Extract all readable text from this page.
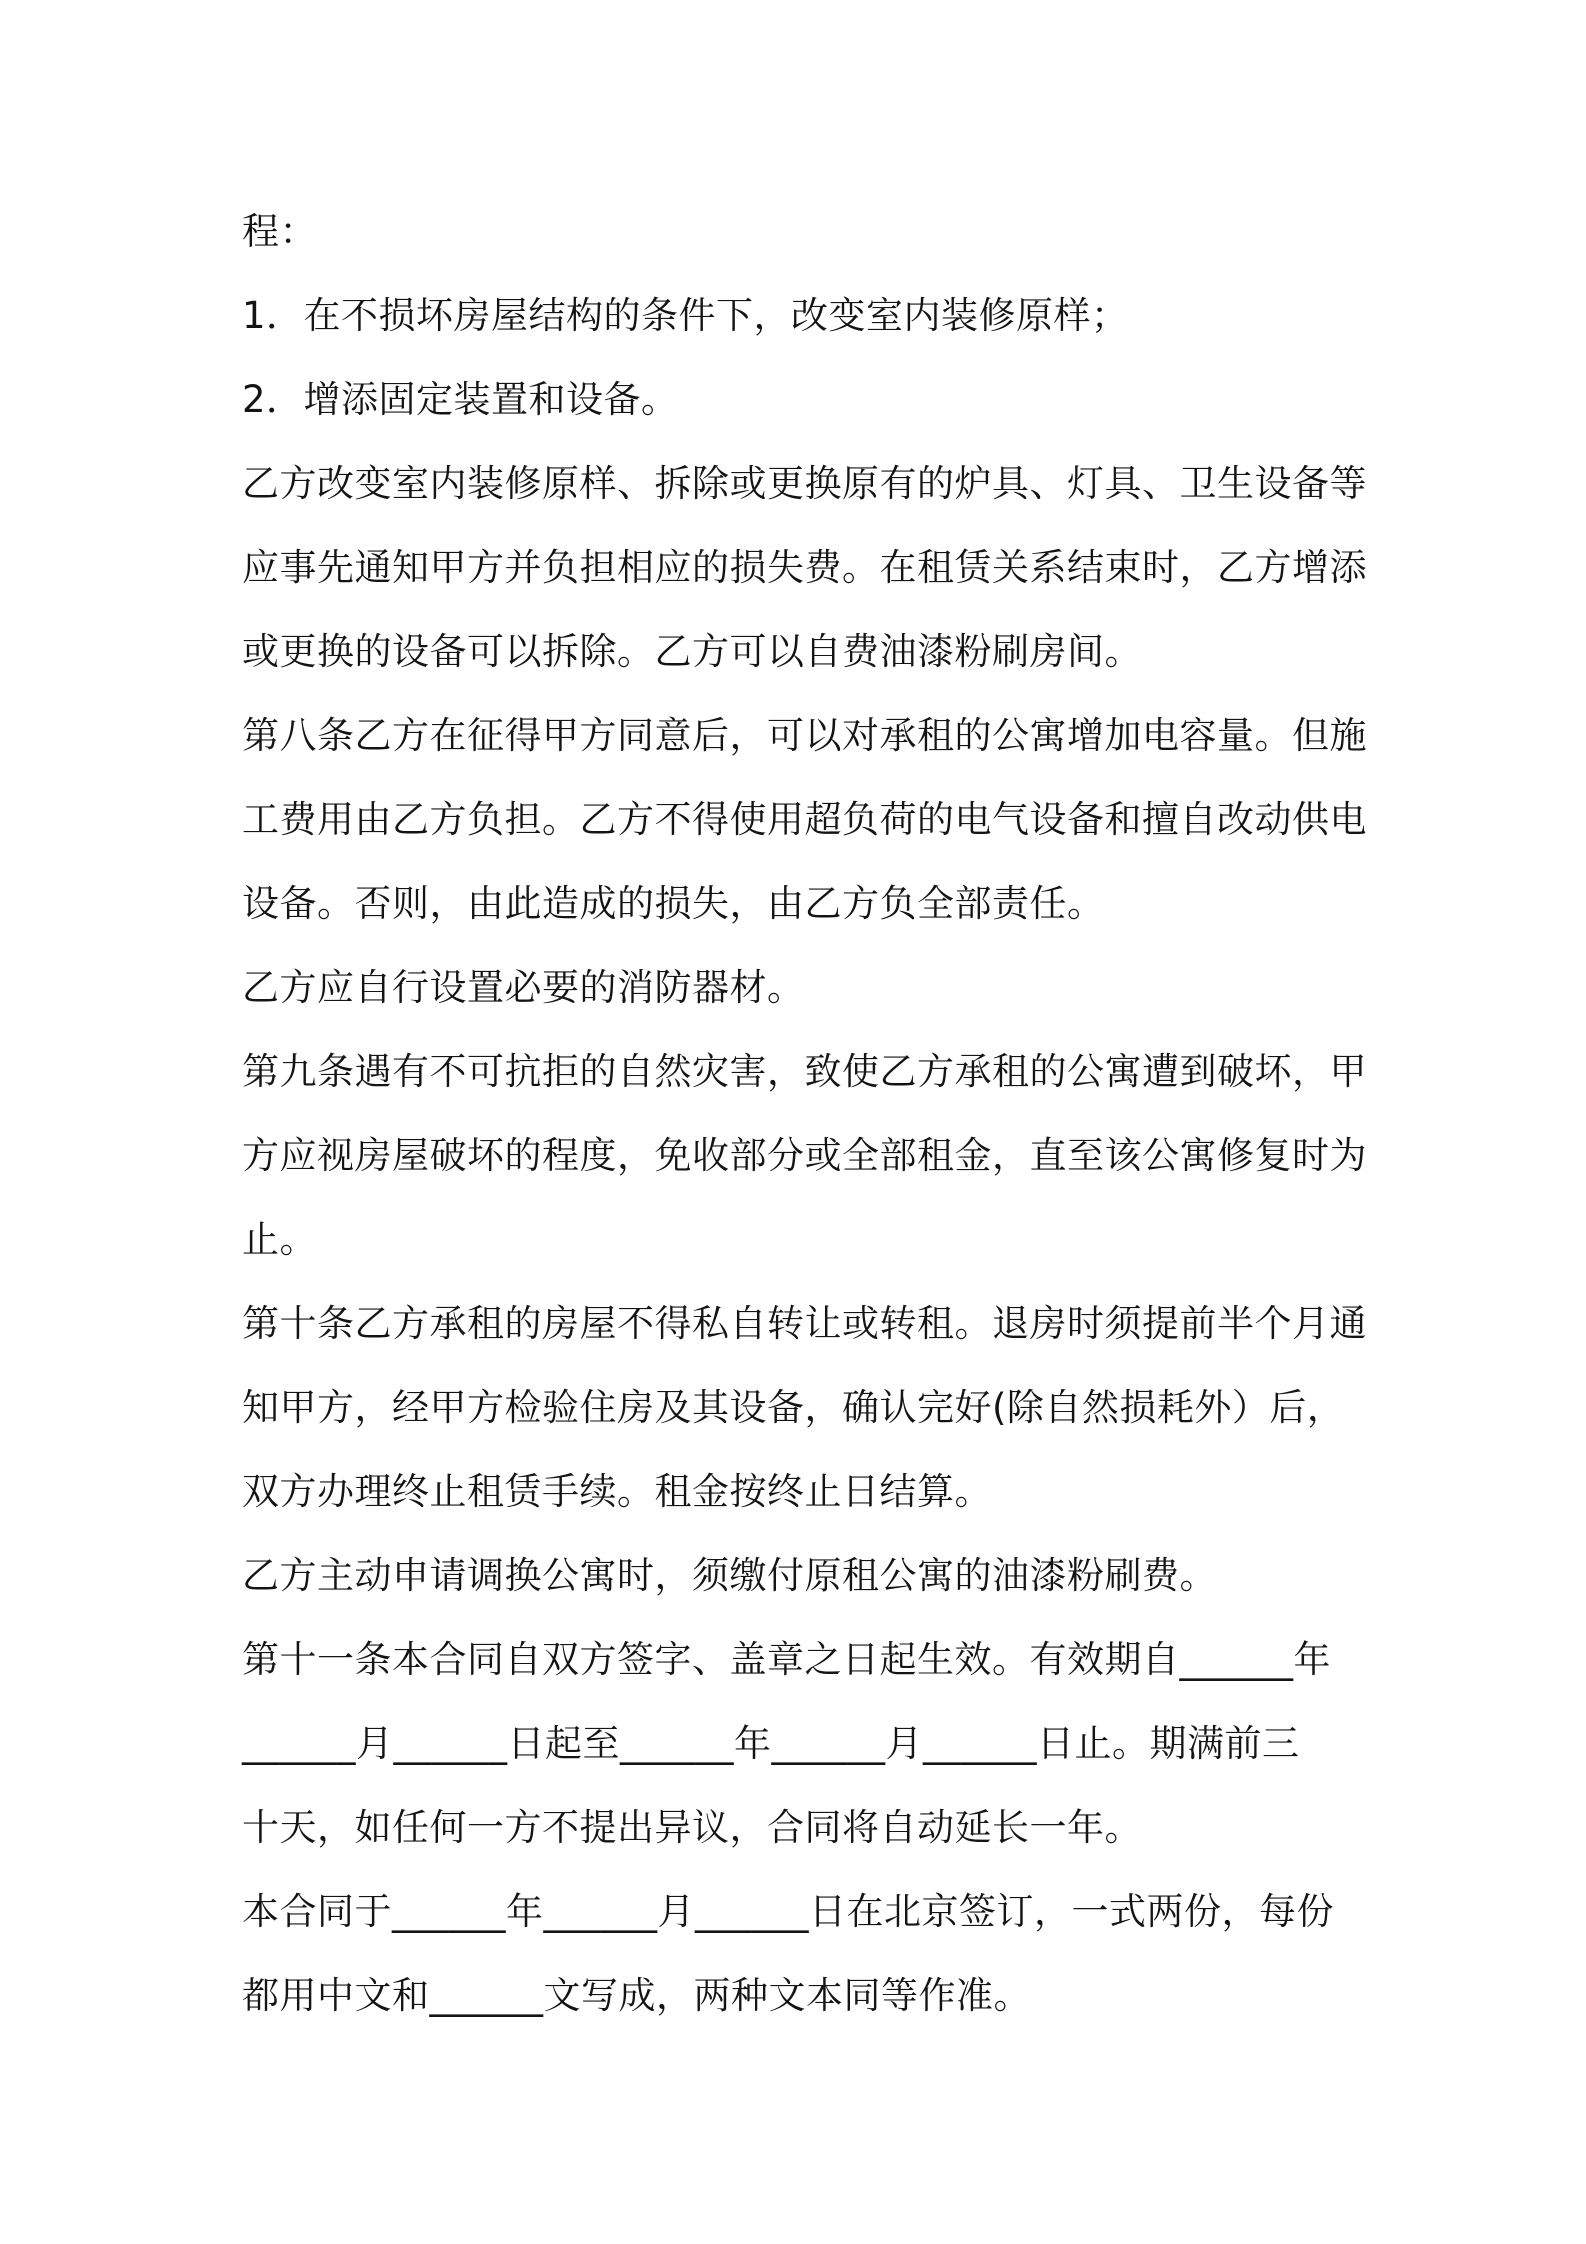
程：
1．在不损坏房屋结构的条件下，改变室内装修原样；
2．增添固定装置和设备。
乙方改变室内装修原样、拆除或更换原有的炉具、灯具、卫生设备等
应事先通知甲方并负担相应的损失费。在租赁关系结束时，乙方增添
或更换的设备可以拆除。乙方可以自费油漆粉刷房间。
第八条乙方在征得甲方同意后，可以对承租的公寓增加电容量。但施
工费用由乙方负担。乙方不得使用超负荷的电气设备和擅自改动供电
设备。否则，由此造成的损失，由乙方负全部责任。
乙方应自行设置必要的消防器材。
第九条遇有不可抗拒的自然灾害，致使乙方承租的公寓遭到破坏，甲
方应视房屋破坏的程度，免收部分或全部租金，直至该公寓修复时为
止。
第十条乙方承租的房屋不得私自转让或转租。退房时须提前半个月通
知甲方，经甲方检验住房及其设备，确认完好(除自然损耗外）后，
双方办理终止租赁手续。租金按终止日结算。
乙方主动申请调换公寓时，须缴付原租公寓的油漆粉刷费。
第十一条本合同自双方签字、盖章之日起生效。有效期自______年
______月______日起至______年______月______日止。期满前三
十天，如任何一方不提出异议，合同将自动延长一年。
本合同于______年______月______日在北京签订，一式两份，每份
都用中文和______文写成，两种文本同等作准。
